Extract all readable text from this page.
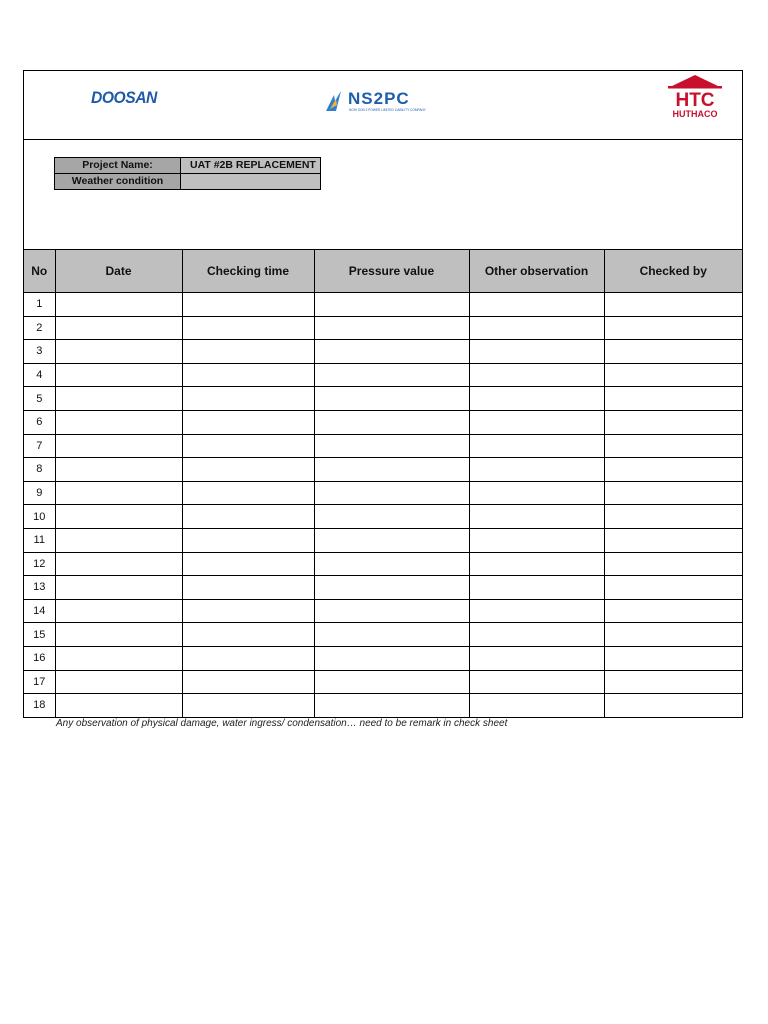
DOOSAN	NS2PC
NGHI SON 2 POWER LIMITED LIABILITY COMPANY	HTC
HUTHACO
Project Name:	UAT #2B REPLACEMENT
Weather condition	
No	Date	Checking time	Pressure value	Other observation	Checked by
1					
2					
3					
4					
5					
6					
7					
8					
9					
10					
11					
12					
13					
14					
15					
16					
17					
18					
Any observation of physical damage, water ingress/ condensation… need to be remark in check sheet
